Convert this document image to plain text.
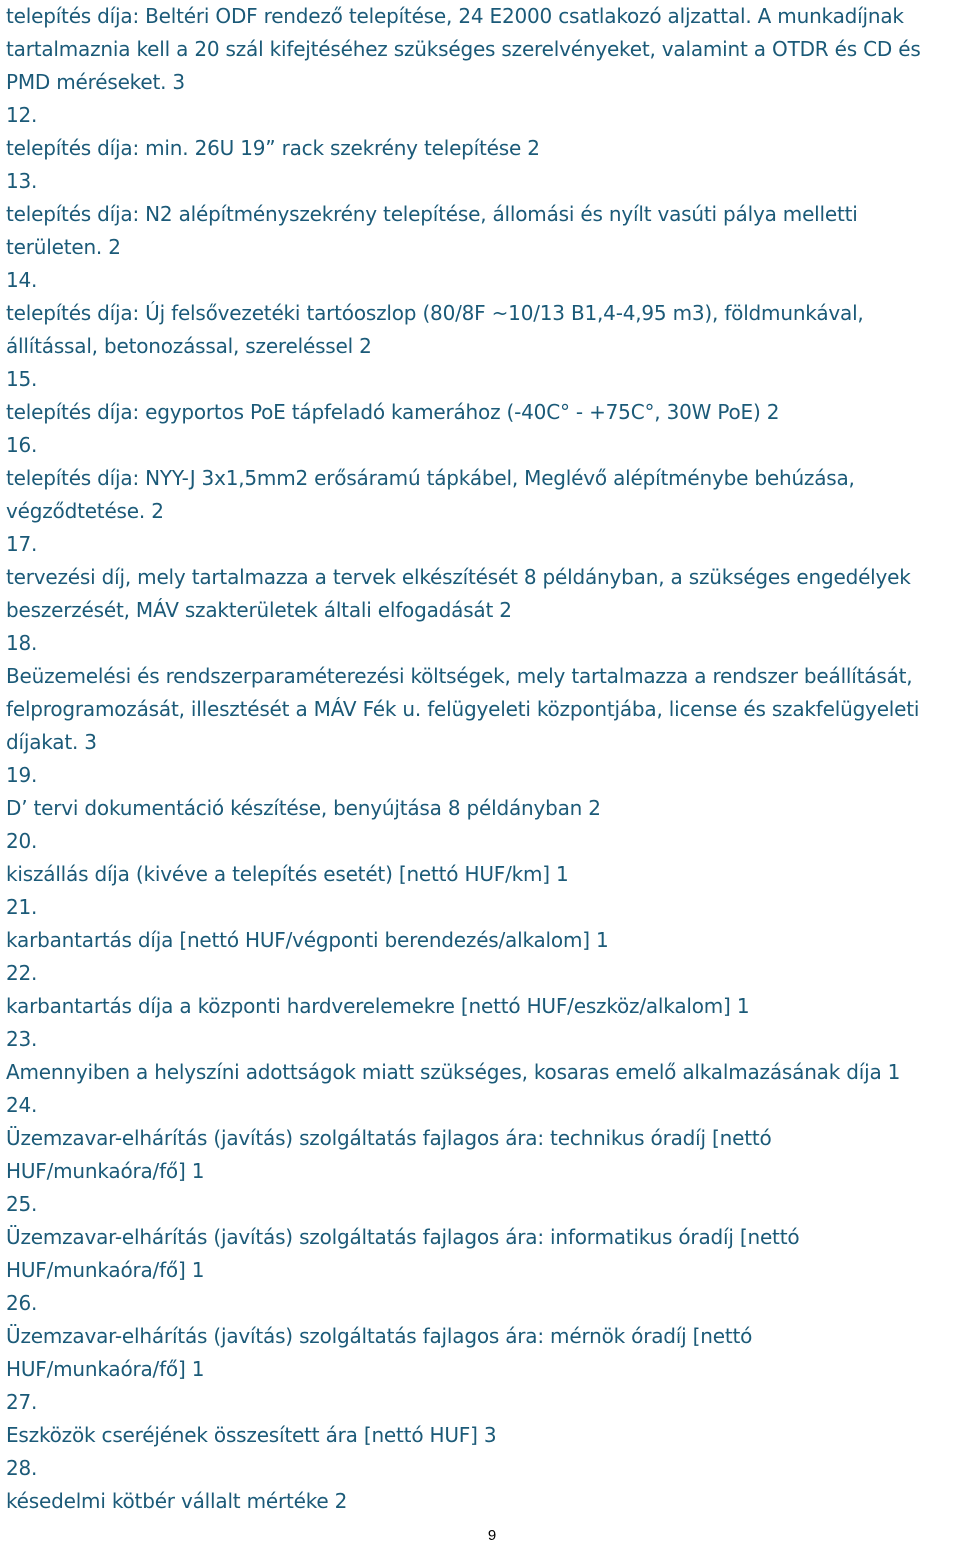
telepítés díja: Beltéri ODF rendező telepítése, 24 E2000 csatlakozó aljzattal. A munkadíjnak
tartalmaznia kell a 20 szál kifejtéséhez szükséges szerelvényeket, valamint a OTDR és CD és
PMD méréseket. 3
12.
telepítés díja: min. 26U 19” rack szekrény telepítése 2
13.
telepítés díja: N2 alépítményszekrény telepítése, állomási és nyílt vasúti pálya melletti
területen. 2
14.
telepítés díja: Új felsővezetéki tartóoszlop (80/8F ~10/13 B1,4-4,95 m3), földmunkával,
állítással, betonozással, szereléssel 2
15.
telepítés díja: egyportos PoE tápfeladó kamerához (-40C° - +75C°, 30W PoE) 2
16.
telepítés díja: NYY-J 3x1,5mm2 erősáramú tápkábel, Meglévő alépítménybe behúzása,
végződtetése. 2
17.
tervezési díj, mely tartalmazza a tervek elkészítését 8 példányban, a szükséges engedélyek
beszerzését, MÁV szakterületek általi elfogadását 2
18.
Beüzemelési és rendszerparaméterezési költségek, mely tartalmazza a rendszer beállítását,
felprogramozását, illesztését a MÁV Fék u. felügyeleti központjába, license és szakfelügyeleti
díjakat. 3
19.
D’ tervi dokumentáció készítése, benyújtása 8 példányban 2
20.
kiszállás díja (kivéve a telepítés esetét) [nettó HUF/km] 1
21.
karbantartás díja [nettó HUF/végponti berendezés/alkalom] 1
22.
karbantartás díja a központi hardverelemekre [nettó HUF/eszköz/alkalom] 1
23.
Amennyiben a helyszíni adottságok miatt szükséges, kosaras emelő alkalmazásának díja 1
24.
Üzemzavar-elhárítás (javítás) szolgáltatás fajlagos ára: technikus óradíj [nettó
HUF/munkaóra/fő] 1
25.
Üzemzavar-elhárítás (javítás) szolgáltatás fajlagos ára: informatikus óradíj [nettó
HUF/munkaóra/fő] 1
26.
Üzemzavar-elhárítás (javítás) szolgáltatás fajlagos ára: mérnök óradíj [nettó
HUF/munkaóra/fő] 1
27.
Eszközök cseréjének összesített ára [nettó HUF] 3
28.
késedelmi kötbér vállalt mértéke 2
9
